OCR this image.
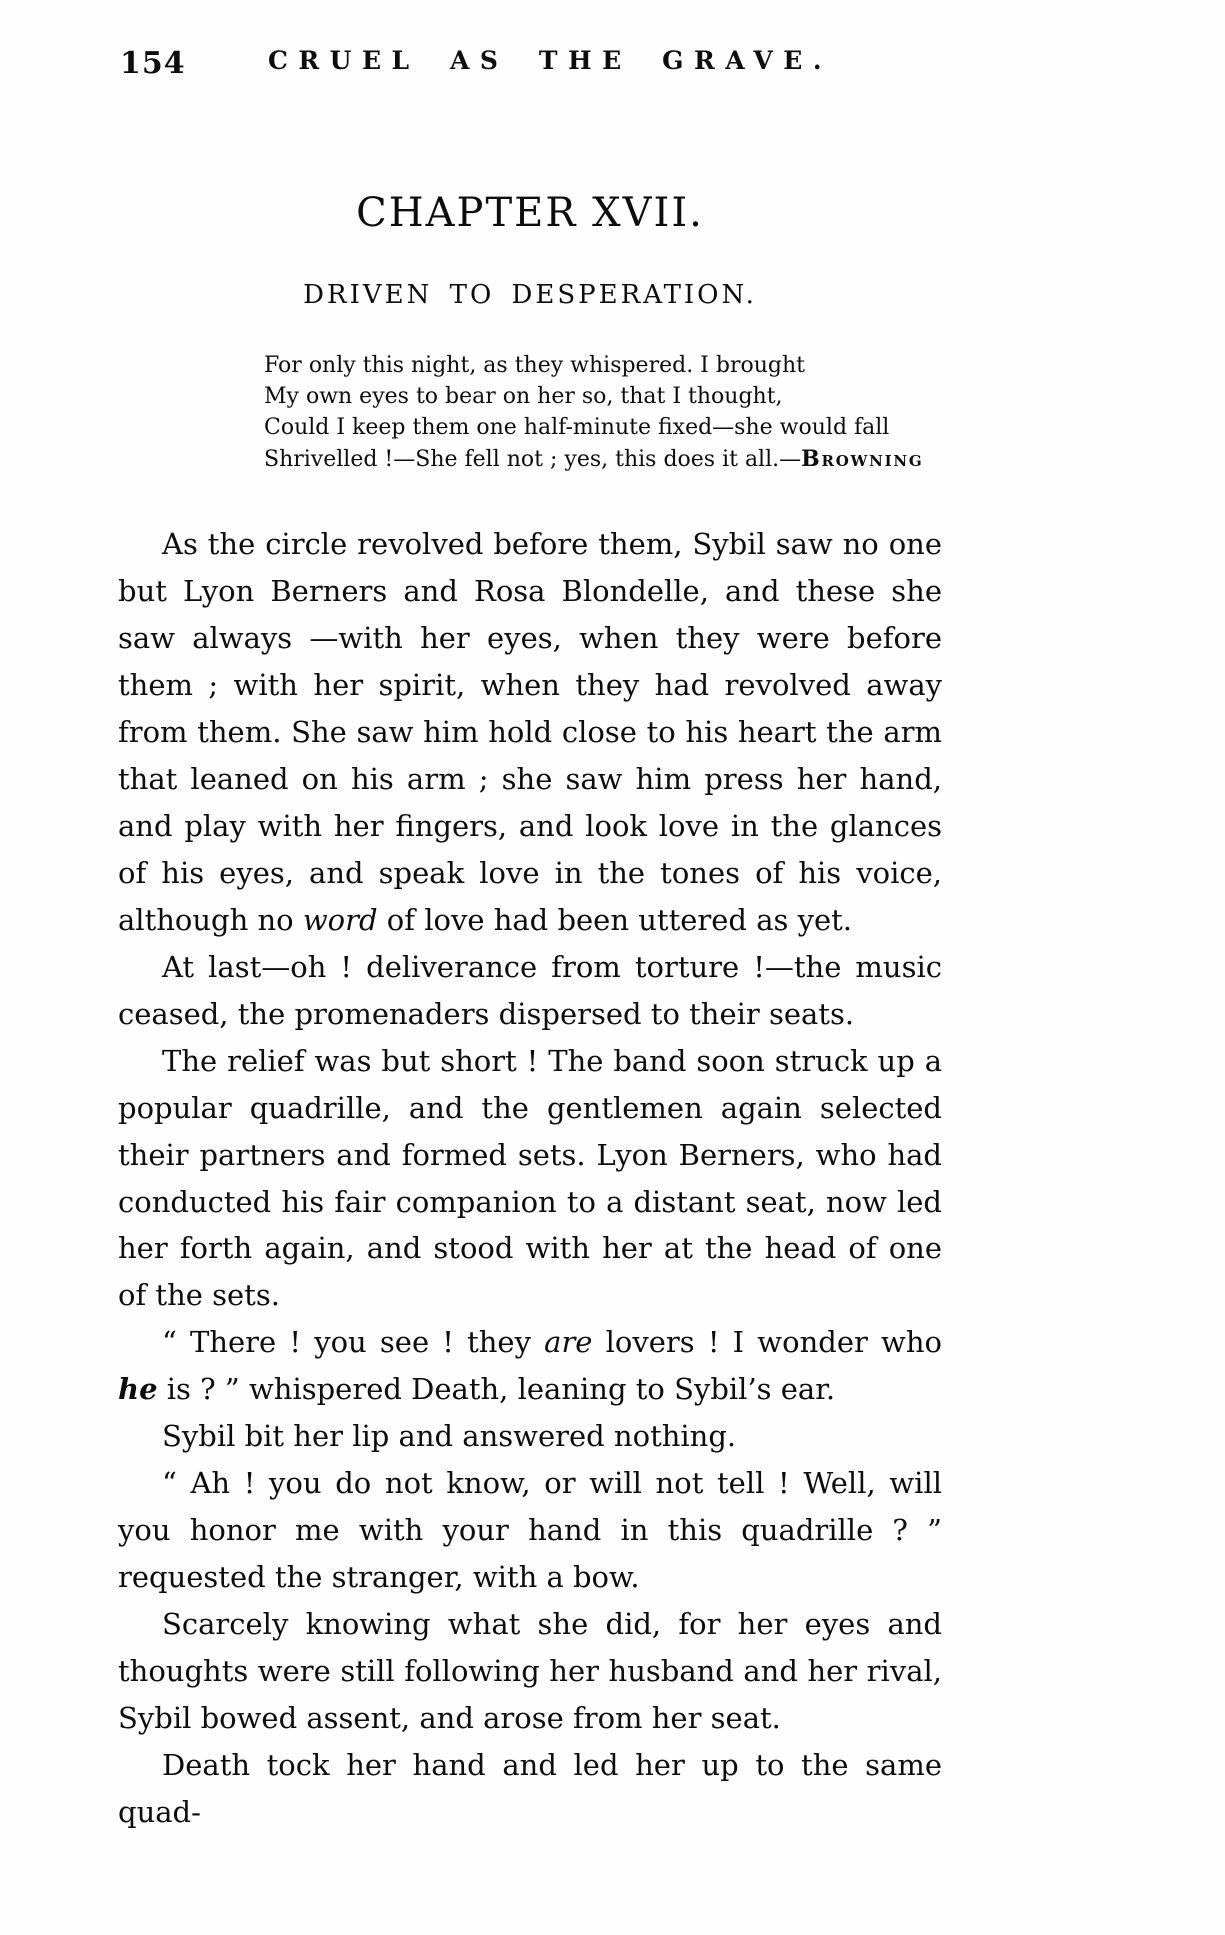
154	CRUEL AS THE GRAVE.
CHAPTER XVII.
DRIVEN TO DESPERATION.
For only this night, as they whispered. I brought
My own eyes to bear on her so, that I thought,
Could I keep them one half-minute fixed—she would fall
Shrivelled !—She fell not ; yes, this does it all.—Browning

As the circle revolved before them, Sybil saw no one but Lyon Berners and Rosa Blondelle, and these she saw always —with her eyes, when they were before them ; with her spirit, when they had revolved away from them. She saw him hold close to his heart the arm that leaned on his arm ; she saw him press her hand, and play with her fingers, and look love in the glances of his eyes, and speak love in the tones of his voice, although no word of love had been uttered as yet.

At last—oh ! deliverance from torture !—the music ceased, the promenaders dispersed to their seats.

The relief was but short ! The band soon struck up a popular quadrille, and the gentlemen again selected their partners and formed sets. Lyon Berners, who had conducted his fair companion to a distant seat, now led her forth again, and stood with her at the head of one of the sets.

“ There ! you see ! they are lovers ! I wonder who he is ? ” whispered Death, leaning to Sybil’s ear.

Sybil bit her lip and answered nothing.

“ Ah ! you do not know, or will not tell ! Well, will you honor me with your hand in this quadrille ? ” requested the stranger, with a bow.

Scarcely knowing what she did, for her eyes and thoughts were still following her husband and her rival, Sybil bowed assent, and arose from her seat.

Death tock her hand and led her up to the same quad-
